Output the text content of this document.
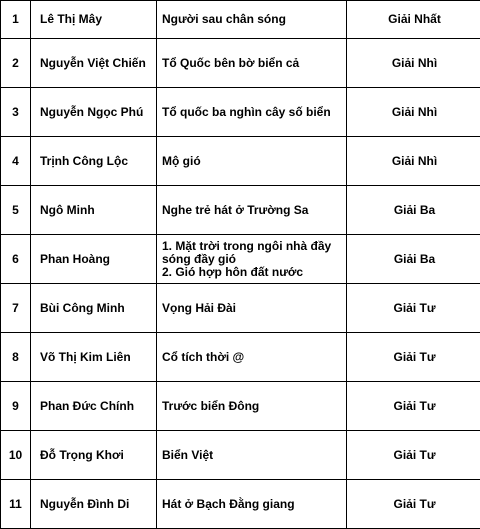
1	Lê Thị Mây	Người sau chân sóng	Giải Nhất
2	Nguyễn Việt Chiến	Tổ Quốc bên bờ biển cả	Giải Nhì
3	Nguyễn Ngọc Phú	Tổ quốc ba nghìn cây số biển	Giải Nhì
4	Trịnh Công Lộc	Mộ gió	Giải Nhì
5	Ngô Minh	Nghe trẻ hát ở Trường Sa	Giải Ba
6	Phan Hoàng	1. Mặt trời trong ngôi nhà đầy sóng đầy gió
2. Gió hợp hôn đất nước	Giải Ba
7	Bùi Công Minh	Vọng Hải Đài	Giải Tư
8	Võ Thị Kim Liên	Cổ tích thời @	Giải Tư
9	Phan Đức Chính	Trước biển Đông	Giải Tư
10	Đỗ Trọng Khơi	Biển Việt	Giải Tư
11	Nguyễn Đình Di	Hát ở Bạch Đằng giang	Giải Tư
